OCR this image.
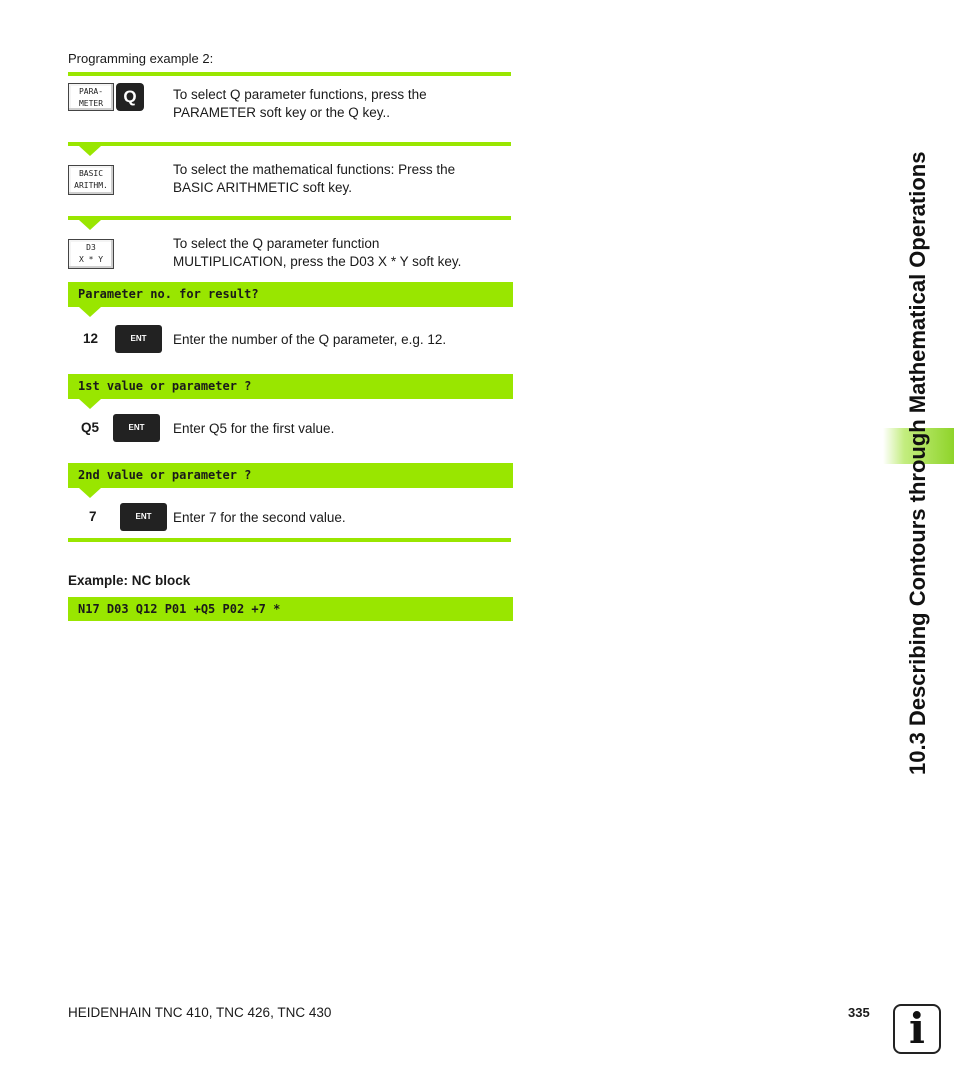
Programming example 2:
PARA-
METER	Q	To select Q parameter functions, press the
PARAMETER soft key or the Q key..
BASIC
ARITHM.
To select the mathematical functions: Press the
BASIC ARITHMETIC soft key.
D3
X * Y
To select the Q parameter function
MULTIPLICATION, press the D03 X * Y soft key.
Parameter no. for result?
12	ENT	Enter the number of the Q parameter, e.g. 12.
1st value or parameter ?
Q5	ENT	Enter Q5 for the first value.
2nd value or parameter ?
7	ENT	Enter 7 for the second value.
Example: NC block
N17 D03 Q12 P01 +Q5 P02 +7 *	10.3 Describing Contours through Mathematical Operations
HEIDENHAIN TNC 410, TNC 426, TNC 430	335 i
